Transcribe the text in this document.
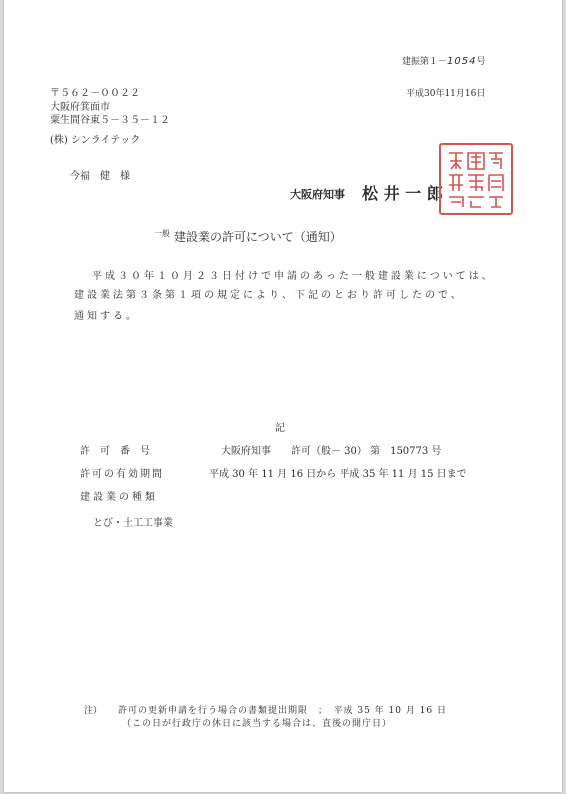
建振第１－1054号
平成30年11月16日
〒５６２－００２２
大阪府箕面市
粟生間谷東５－３５－１２
(株) シンライテック
今福　健　様
大阪府知事 松 井 一 郎
一般 建設業の許可について（通知）
平成３０年１０月２３日付けで申請のあった一般建設業については、
建設業法第３条第１項の規定により、下記のとおり許可したので、
通知する。
記
許　可　番　号	大阪府知事　　許可（般－ 30） 第　150773 号
許可の有効期間	平成 30 年 11 月 16 日から 平成 35 年 11 月 15 日まで
建設業の種類
とび・土工工事業
注） 許可の更新申請を行う場合の書類提出期限　；　平成 35 年 10 月 16 日
（この日が行政庁の休日に該当する場合は、直後の開庁日）
